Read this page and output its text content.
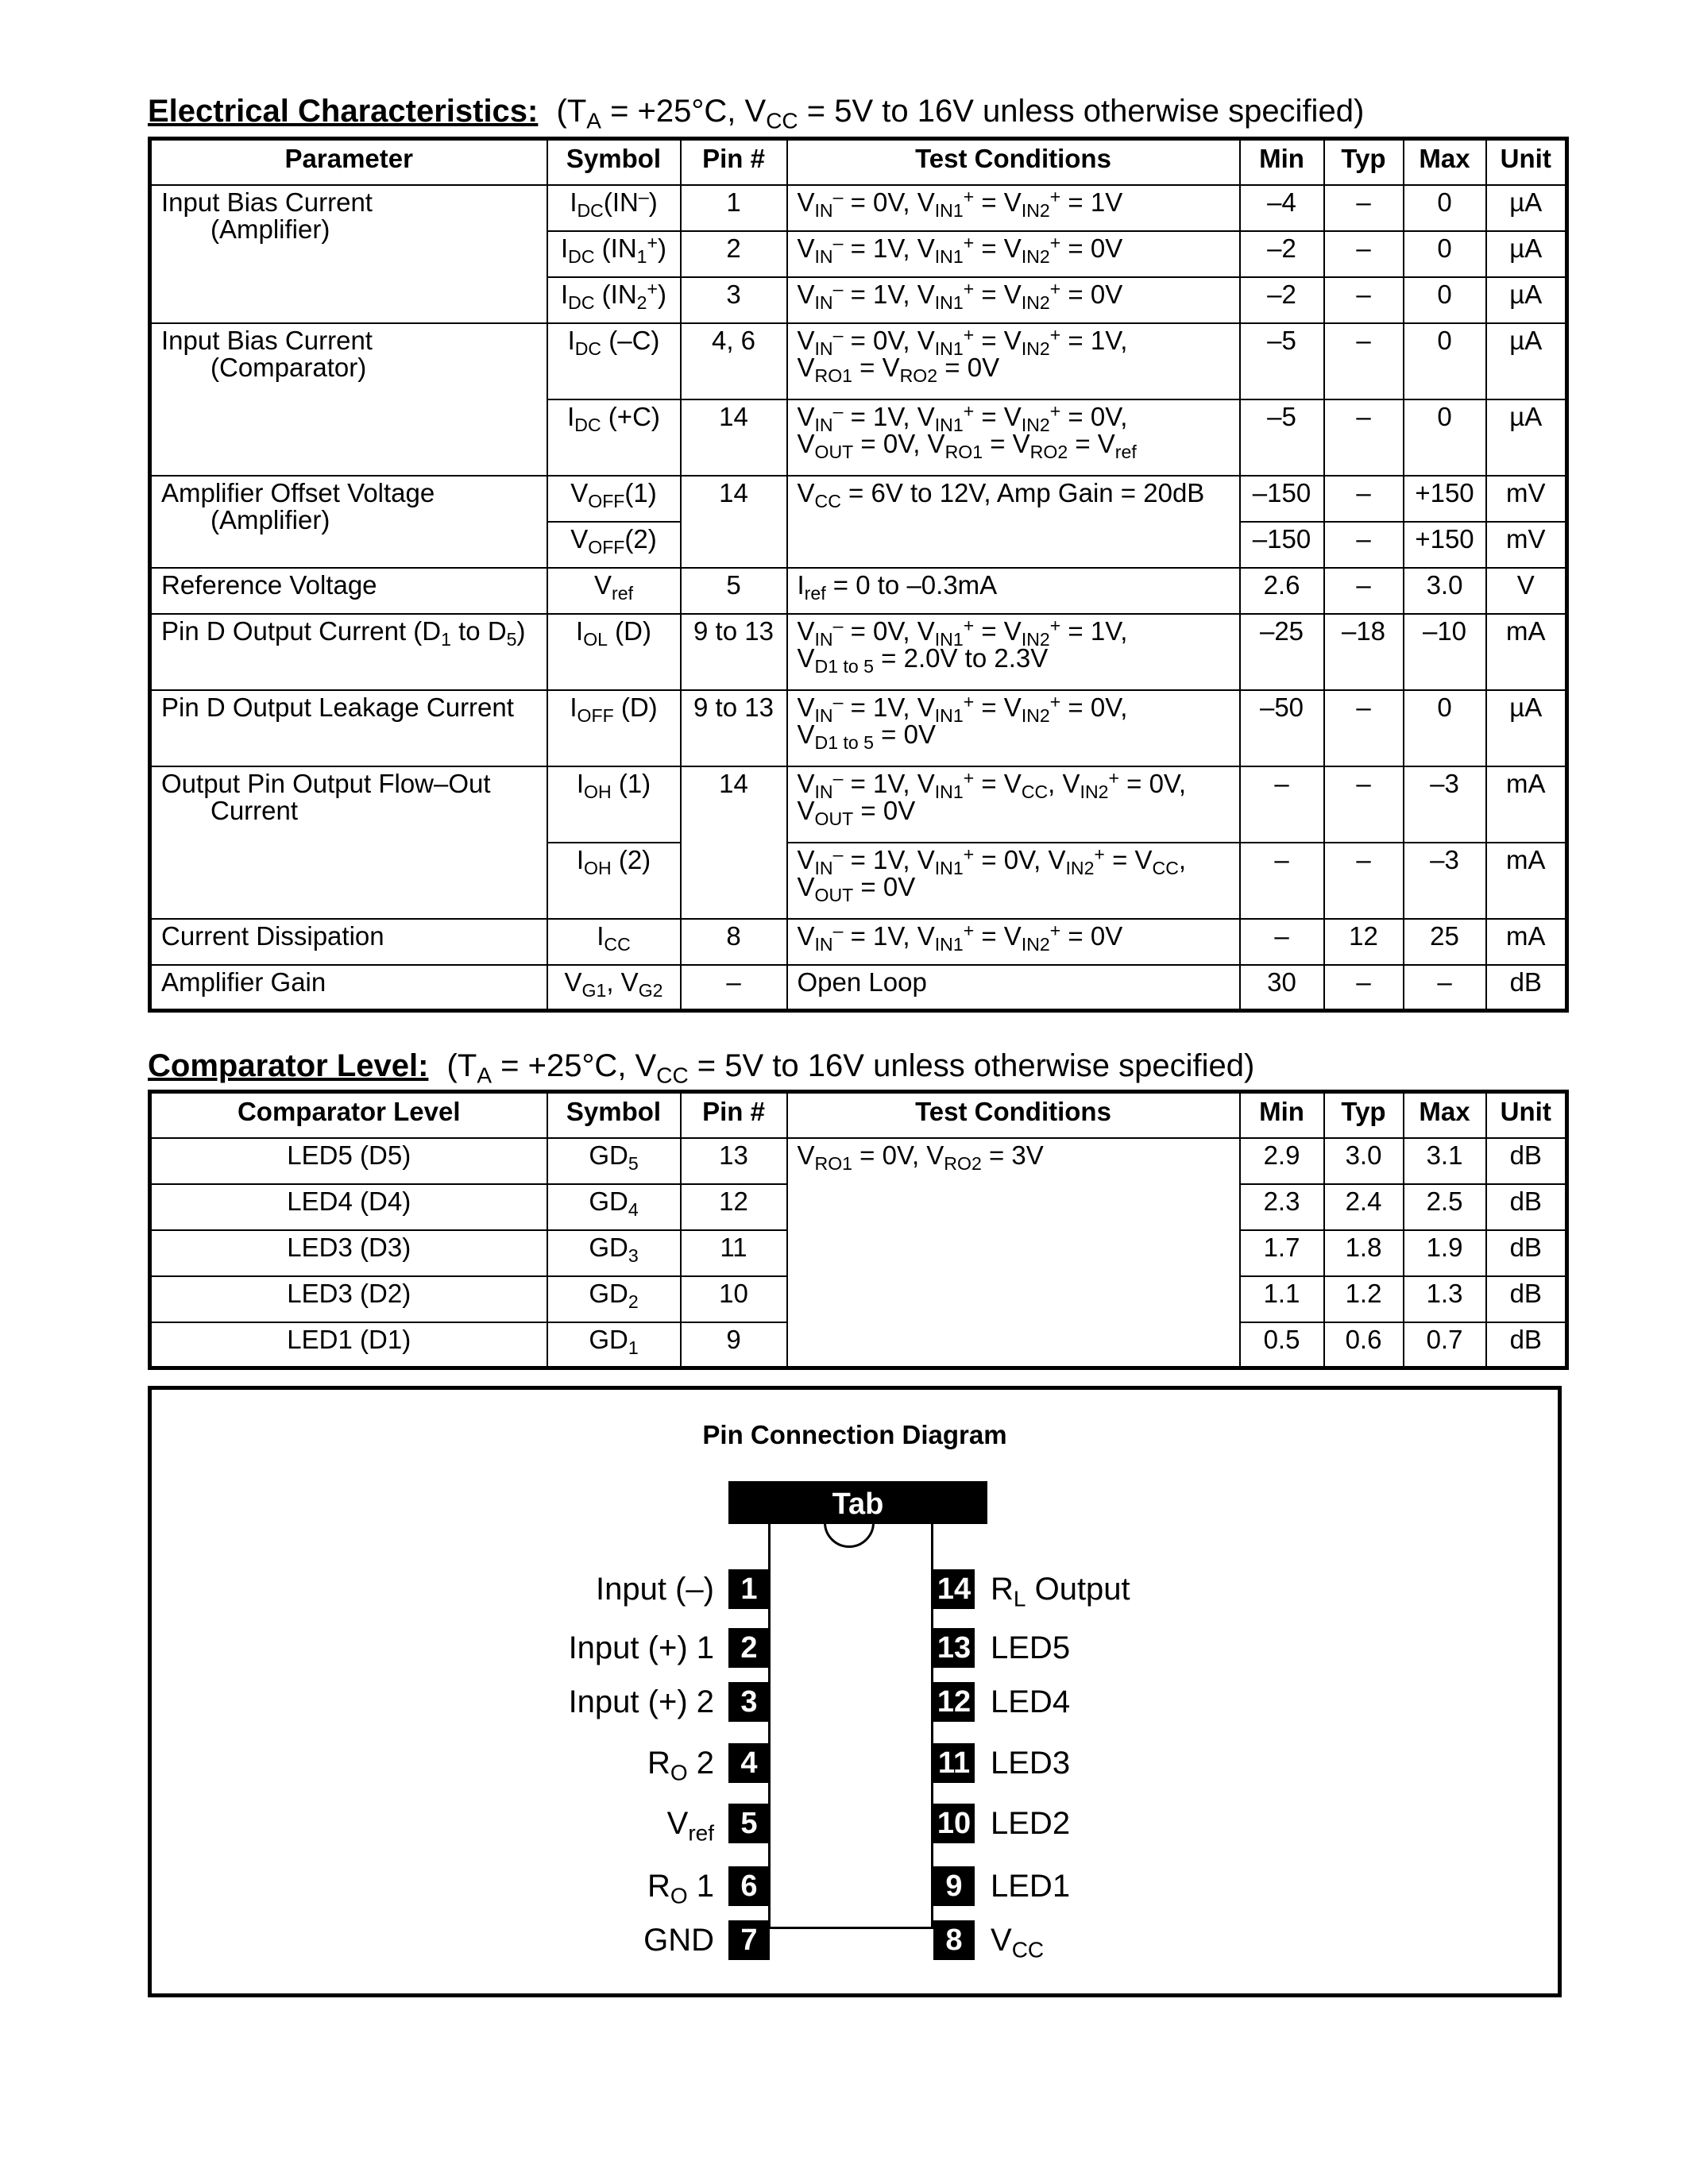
Electrical Characteristics: ($T_A = +25^\circ C$, $V_{CC} = 5V$ to 16V unless otherwise specified)
Parameter	Symbol	Pin #	Test Conditions	Min	Typ	Max	Unit
Input Bias Current
(Amplifier)	$I_{DC}(IN^-)$	1	$V_{IN}^- = 0V$, $V_{IN1}^+ = V_{IN2}^+ = 1V$	–4	–	0	µA
	$I_{DC}$ $(IN_1^+)$	2	$V_{IN}^- = 1V$, $V_{IN1}^+ = V_{IN2}^+ = 0V$	–2	–	0	µA
	$I_{DC}$ $(IN_2^+)$	3	$V_{IN}^- = 1V$, $V_{IN1}^+ = V_{IN2}^+ = 0V$	–2	–	0	µA
Input Bias Current
(Comparator)	$I_{DC}$ (–C)	4, 6	$V_{IN}^- = 0V$, $V_{IN1}^+ = V_{IN2}^+ = 1V$,
$V_{RO1} = V_{RO2} = 0V$	–5	–	0	µA
	$I_{DC}$ (+C)	14	$V_{IN}^- = 1V$, $V_{IN1}^+ = V_{IN2}^+ = 0V$,
$V_{OUT} = 0V$, $V_{RO1} = V_{RO2} = V_{ref}$	–5	–	0	µA
Amplifier Offset Voltage
(Amplifier)	$V_{OFF}(1)$	14	$V_{CC} = 6V$ to 12V, Amp Gain = 20dB	–150	–	+150	mV
	$V_{OFF}(2)$			–150	–	+150	mV
Reference Voltage	$V_{ref}$	5	$I_{ref} = 0$ to –0.3mA	2.6	–	3.0	V
Pin D Output Current ($D_1$ to $D_5$)	$I_{OL}$ (D)	9 to 13	$V_{IN}^- = 0V$, $V_{IN1}^+ = V_{IN2}^+ = 1V$,
$V_{D1 to 5} = 2.0V$ to 2.3V	–25	–18	–10	mA
Pin D Output Leakage Current	$I_{OFF}$ (D)	9 to 13	$V_{IN}^- = 1V$, $V_{IN1}^+ = V_{IN2}^+ = 0V$,
$V_{D1 to 5} = 0V$	–50	–	0	µA
Output Pin Output Flow–Out
Current	$I_{OH}$ (1)	14	$V_{IN}^- = 1V$, $V_{IN1}^+ = V_{CC}$, $V_{IN2}^+ = 0V$,
$V_{OUT} = 0V$	–	–	–3	mA
	$I_{OH}$ (2)		$V_{IN}^- = 1V$, $V_{IN1}^+ = 0V$, $V_{IN2}^+ = V_{CC}$,
$V_{OUT} = 0V$	–	–	–3	mA
Current Dissipation	$I_{CC}$	8	$V_{IN}^- = 1V$, $V_{IN1}^+ = V_{IN2}^+ = 0V$	–	12	25	mA
Amplifier Gain	$V_{G1}$, $V_{G2}$	–	Open Loop	30	–	–	dB
Comparator Level: ($T_A = +25^\circ C$, $V_{CC} = 5V$ to 16V unless otherwise specified)
Comparator Level	Symbol	Pin #	Test Conditions	Min	Typ	Max	Unit
LED5 (D5)	$GD_5$	13	$V_{RO1} = 0V$, $V_{RO2} = 3V$	2.9	3.0	3.1	dB
LED4 (D4)	$GD_4$	12		2.3	2.4	2.5	dB
LED3 (D3)	$GD_3$	11		1.7	1.8	1.9	dB
LED3 (D2)	$GD_2$	10		1.1	1.2	1.3	dB
LED1 (D1)	$GD_1$	9		0.5	0.6	0.7	dB
Pin Connection Diagram
Tab
1
Input (–)
2
Input (+) 1
3
Input (+) 2
4
$R_O$ 2
5
$V_{ref}$
6
$R_O$ 1
7
GND
14 $R_L$ Output
13 LED5
12 LED4
11 LED3
10 LED2
9 LED1
8 $V_{CC}$
